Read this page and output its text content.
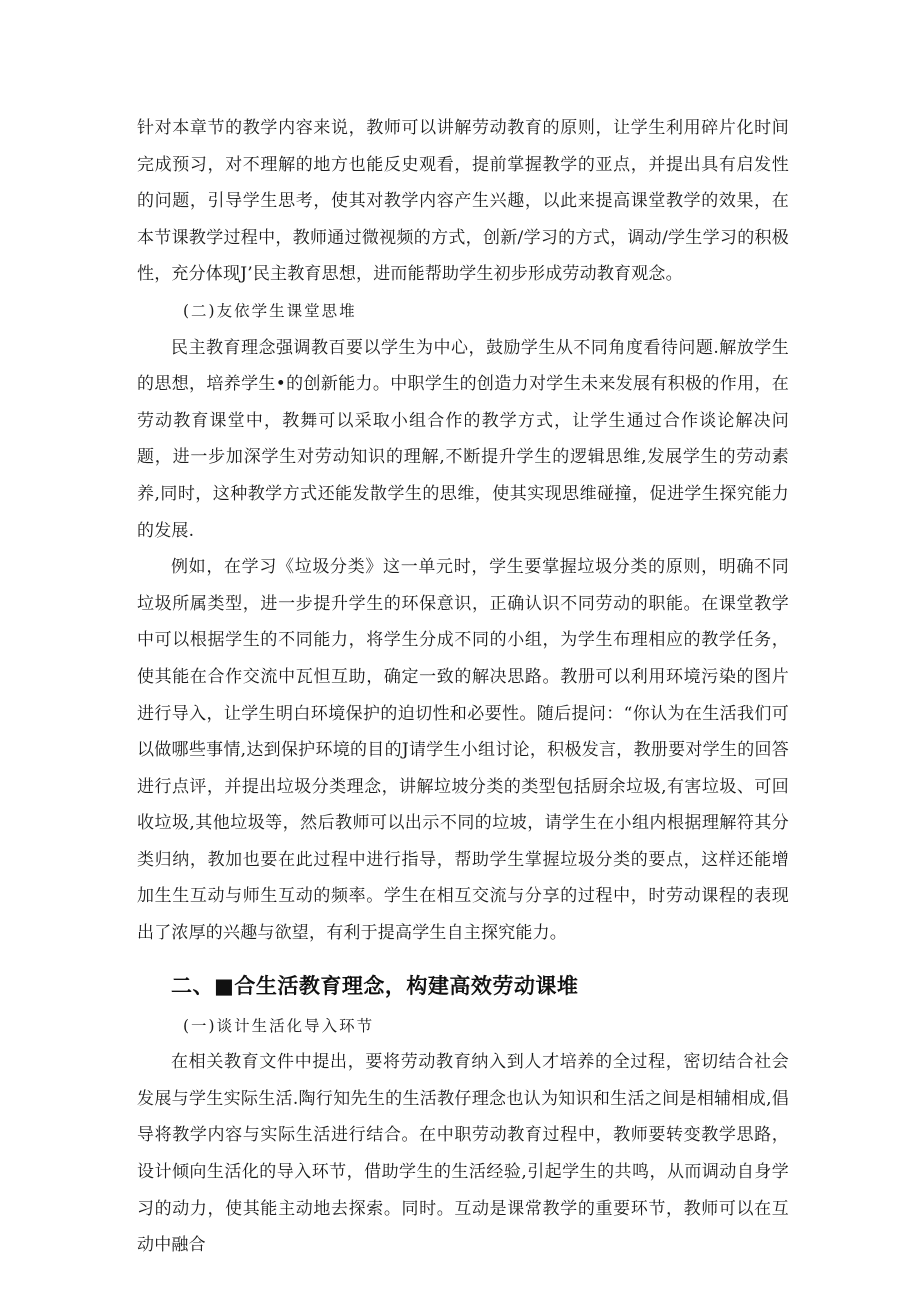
针对本章节的教学内容来说，教师可以讲解劳动教育的原则，让学生利用碎片化时间完成预习，对不理解的地方也能反史观看，提前掌握教学的亚点，并提出具有启发性的问题，引导学生思考，使其对教学内容产生兴趣，以此来提高课堂教学的效果，在本节课教学过程中，教师通过微视频的方式，创新/学习的方式，调动/学生学习的积极性，充分体现J’民主教育思想，进而能帮助学生初步形成劳动教育观念。

(二)友依学生课堂思堆

民主教育理念强调教百要以学生为中心，鼓励学生从不同角度看待问题.解放学生的思想，培养学生•的创新能力。中职学生的创造力对学生未来发展有积极的作用，在劳动教育课堂中，教舞可以采取小组合作的教学方式，让学生通过合作谈论解决问题，进一步加深学生对劳动知识的理解,不断提升学生的逻辑思维,发展学生的劳动素养,同时，这种教学方式还能发散学生的思维，使其实现思维碰撞，促进学生探究能力的发展.

例如，在学习《垃圾分类》这一单元时，学生要掌握垃圾分类的原则，明确不同垃圾所属类型，进一步提升学生的环保意识，正确认识不同劳动的职能。在课堂教学中可以根据学生的不同能力，将学生分成不同的小组，为学生布理相应的教学任务，使其能在合作交流中瓦怛互助，确定一致的解决思路。教册可以利用环境污染的图片进行导入，让学生明白环境保护的迫切性和必要性。随后提问：“你认为在生活我们可以做哪些事情,达到保护环境的目的J请学生小组讨论，积极发言，教册要对学生的回答进行点评，并提出垃圾分类理念，讲解垃坡分类的类型包括厨余垃圾,有害垃圾、可回收垃圾,其他垃圾等，然后教师可以出示不同的垃坡，请学生在小组内根据理解符其分类归纳，教加也要在此过程中进行指导，帮助学生掌握垃圾分类的要点，这样还能增加生生互动与师生互动的频率。学生在相互交流与分享的过程中，时劳动课程的表现出了浓厚的兴趣与欲望，有利于提高学生自主探究能力。

二、■合生活教育理念，构建高效劳动课堆

(一)谈计生活化导入环节

在相关教育文件中提出，要将劳动教育纳入到人才培养的全过程，密切结合社会发展与学生实际生活.陶行知先生的生活教仔理念也认为知识和生活之间是相辅相成,倡导将教学内容与实际生活进行结合。在中职劳动教育过程中，教师要转变教学思路，设计倾向生活化的导入环节，借助学生的生活经验,引起学生的共鸣，从而调动自身学习的动力，使其能主动地去探索。同时。互动是课常教学的重要环节，教师可以在互动中融合
